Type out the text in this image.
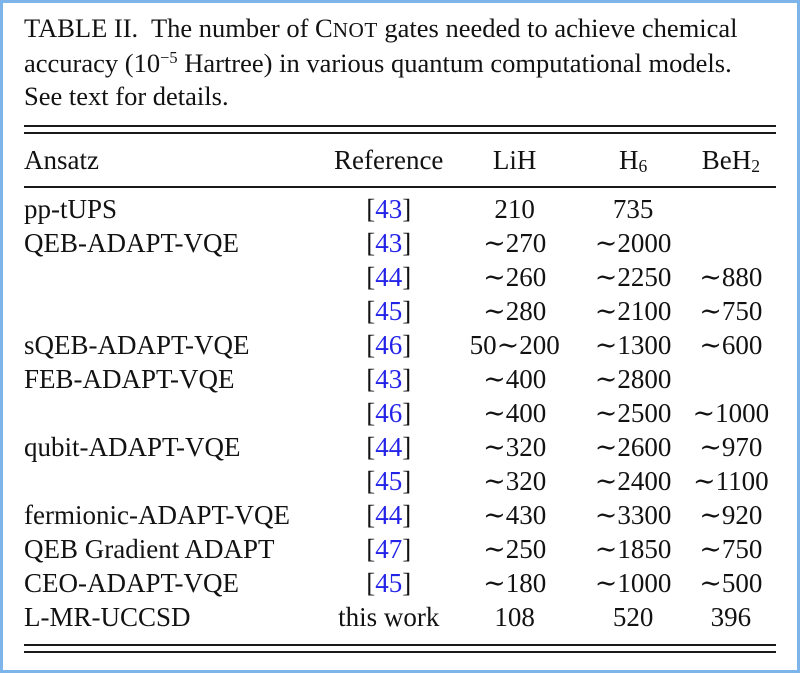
TABLE II. The number of CNOT gates needed to achieve chemical accuracy ($10^{-5}$ Hartree) in various quantum computational models. See text for details.
Ansatz	Reference	LiH	$H_6$	BeH$_2$
pp-tUPS	[43]	210	735	
QEB-ADAPT-VQE	[43]	∼270	∼2000	
	[44]	∼260	∼2250	∼880
	[45]	∼280	∼2100	∼750
sQEB-ADAPT-VQE	[46]	50∼200	∼1300	∼600
FEB-ADAPT-VQE	[43]	∼400	∼2800	
	[46]	∼400	∼2500	∼1000
qubit-ADAPT-VQE	[44]	∼320	∼2600	∼970
	[45]	∼320	∼2400	∼1100
fermionic-ADAPT-VQE	[44]	∼430	∼3300	∼920
QEB Gradient ADAPT	[47]	∼250	∼1850	∼750
CEO-ADAPT-VQE	[45]	∼180	∼1000	∼500
L-MR-UCCSD	this work	108	520	396
